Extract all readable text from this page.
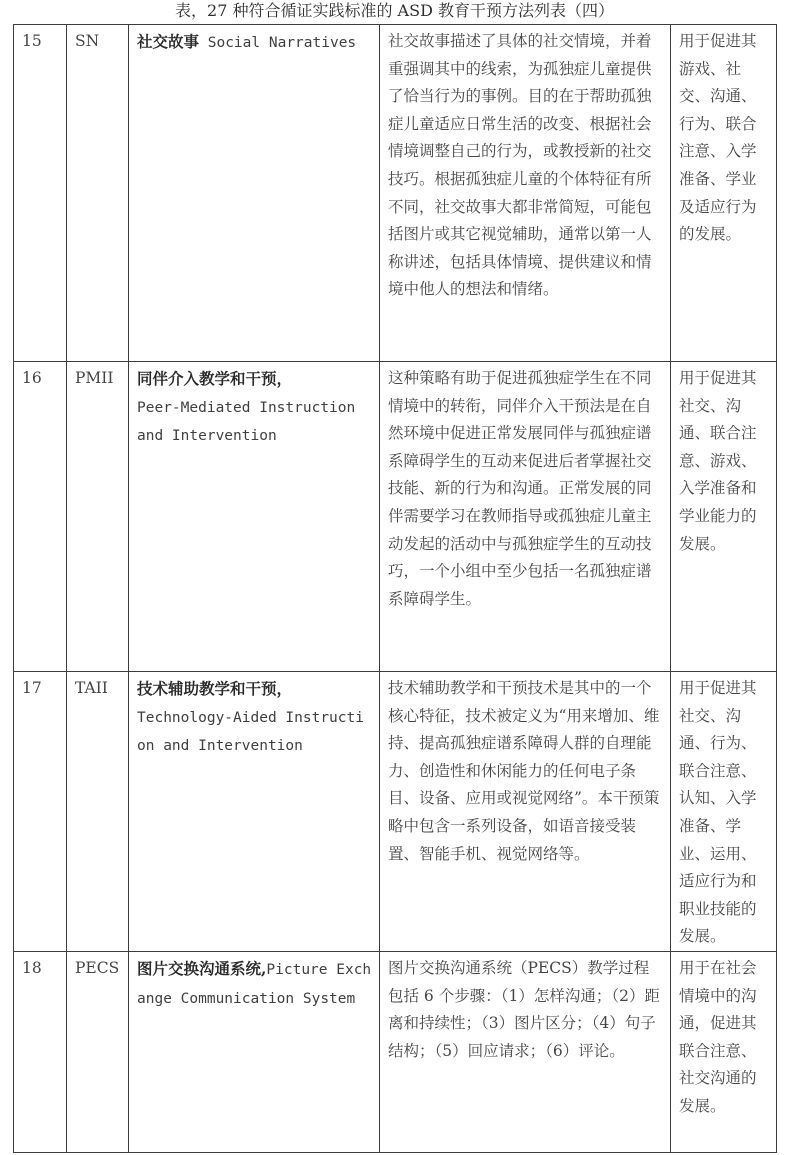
表，27 种符合循证实践标准的 ASD 教育干预方法列表（四）
15	SN	社交故事 Social Narratives	社交故事描述了具体的社交情境，并着重强调其中的线索，为孤独症儿童提供了恰当行为的事例。目的在于帮助孤独症儿童适应日常生活的改变、根据社会情境调整自己的行为，或教授新的社交技巧。根据孤独症儿童的个体特征有所不同，社交故事大都非常简短，可能包括图片或其它视觉辅助，通常以第一人称讲述，包括具体情境、提供建议和情境中他人的想法和情绪。	用于促进其游戏、社交、沟通、行为、联合注意、入学准备、学业及适应行为的发展。
16	PMII	同伴介入教学和干预，
Peer-Mediated Instruction and Intervention	这种策略有助于促进孤独症学生在不同情境中的转衔，同伴介入干预法是在自然环境中促进正常发展同伴与孤独症谱系障碍学生的互动来促进后者掌握社交技能、新的行为和沟通。正常发展的同伴需要学习在教师指导或孤独症儿童主动发起的活动中与孤独症学生的互动技巧，一个小组中至少包括一名孤独症谱系障碍学生。	用于促进其社交、沟通、联合注意、游戏、入学准备和学业能力的发展。
17	TAII	技术辅助教学和干预，
Technology-Aided Instruction and Intervention	技术辅助教学和干预技术是其中的一个核心特征，技术被定义为“用来增加、维持、提高孤独症谱系障碍人群的自理能力、创造性和休闲能力的任何电子条目、设备、应用或视觉网络”。本干预策略中包含一系列设备，如语音接受装置、智能手机、视觉网络等。	用于促进其社交、沟通、行为、联合注意、认知、入学准备、学业、运用、适应行为和职业技能的发展。
18	PECS	图片交换沟通系统,Picture Exchange Communication System	图片交换沟通系统（PECS）教学过程包括 6 个步骤：（1）怎样沟通；（2）距离和持续性；（3）图片区分；（4）句子结构；（5）回应请求；（6）评论。	用于在社会情境中的沟通，促进其联合注意、社交沟通的发展。
